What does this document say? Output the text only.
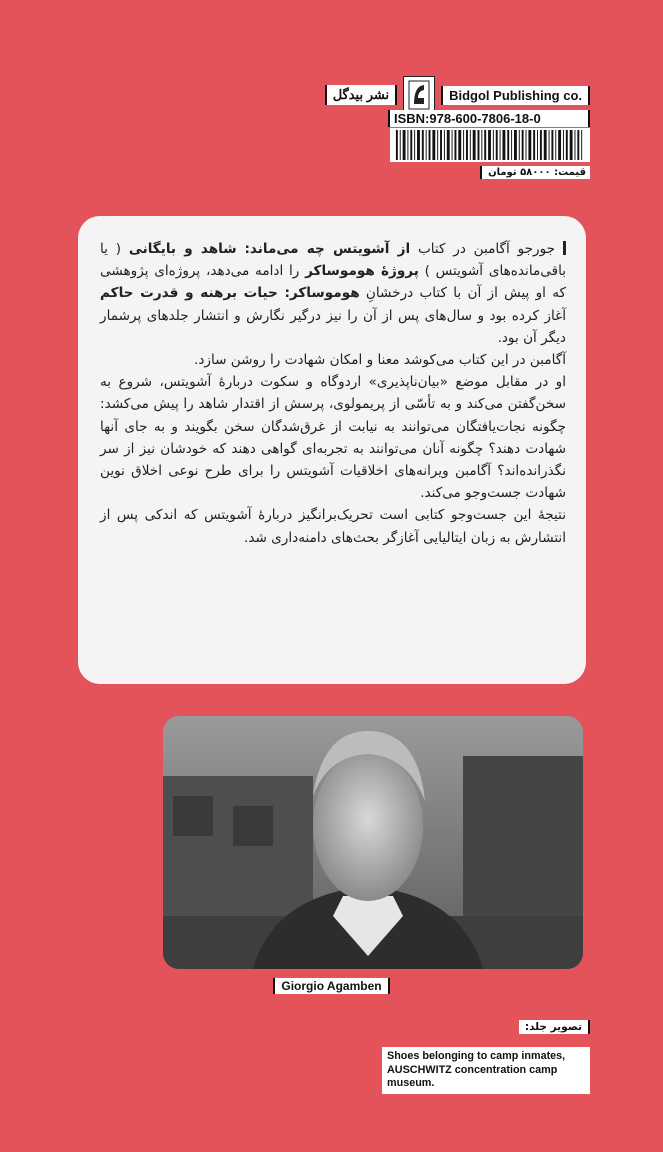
نشر بیدگل	Bidgol Publishing co.
ISBN:978-600-7806-18-0
قیمت: ۵۸۰۰۰ تومان
جورجو آگامبن در کتاب از آشویتس چه می‌ماند: شاهد و بایگانی ( یا باقی‌مانده‌های آشویتس ) پروژهٔ هوموساکر را ادامه می‌دهد، پروژه‌ای پژوهشی که او پیش از آن با کتاب درخشانِ هوموساکر: حیات برهنه و قدرت حاکم آغاز کرده بود و سال‌های پس از آن را نیز درگیر نگارش و انتشار جلدهای پرشمار دیگر آن بود.
آگامبن در این کتاب می‌کوشد معنا و امکان شهادت را روشن سازد.
او در مقابل موضع «بیان‌ناپذیری» اردوگاه و سکوت دربارهٔ آشویتس، شروع به سخن‌گفتن می‌کند و به تأسّی از پریمولوی، پرسش از اقتدار شاهد را پیش می‌کشد: چگونه نجات‌یافتگان می‌توانند به نیابت از غرق‌شدگان سخن بگویند و به جای آنها شهادت دهند؟ چگونه آنان می‌توانند به تجربه‌ای گواهی دهند که خودشان نیز از سر نگذرانده‌اند؟ آگامبن ویرانه‌های اخلاقیات آشویتس را برای طرح نوعی اخلاق نوین شهادت جست‌وجو می‌کند.
نتیجهٔ این جست‌وجو کتابی است تحریک‌برانگیز دربارهٔ آشویتس که اندکی پس از انتشارش به زبان ایتالیایی آغازگر بحث‌های دامنه‌داری شد.
Giorgio Agamben
تصویر جلد:
Shoes belonging to camp inmates,
AUSCHWITZ concentration camp museum.
